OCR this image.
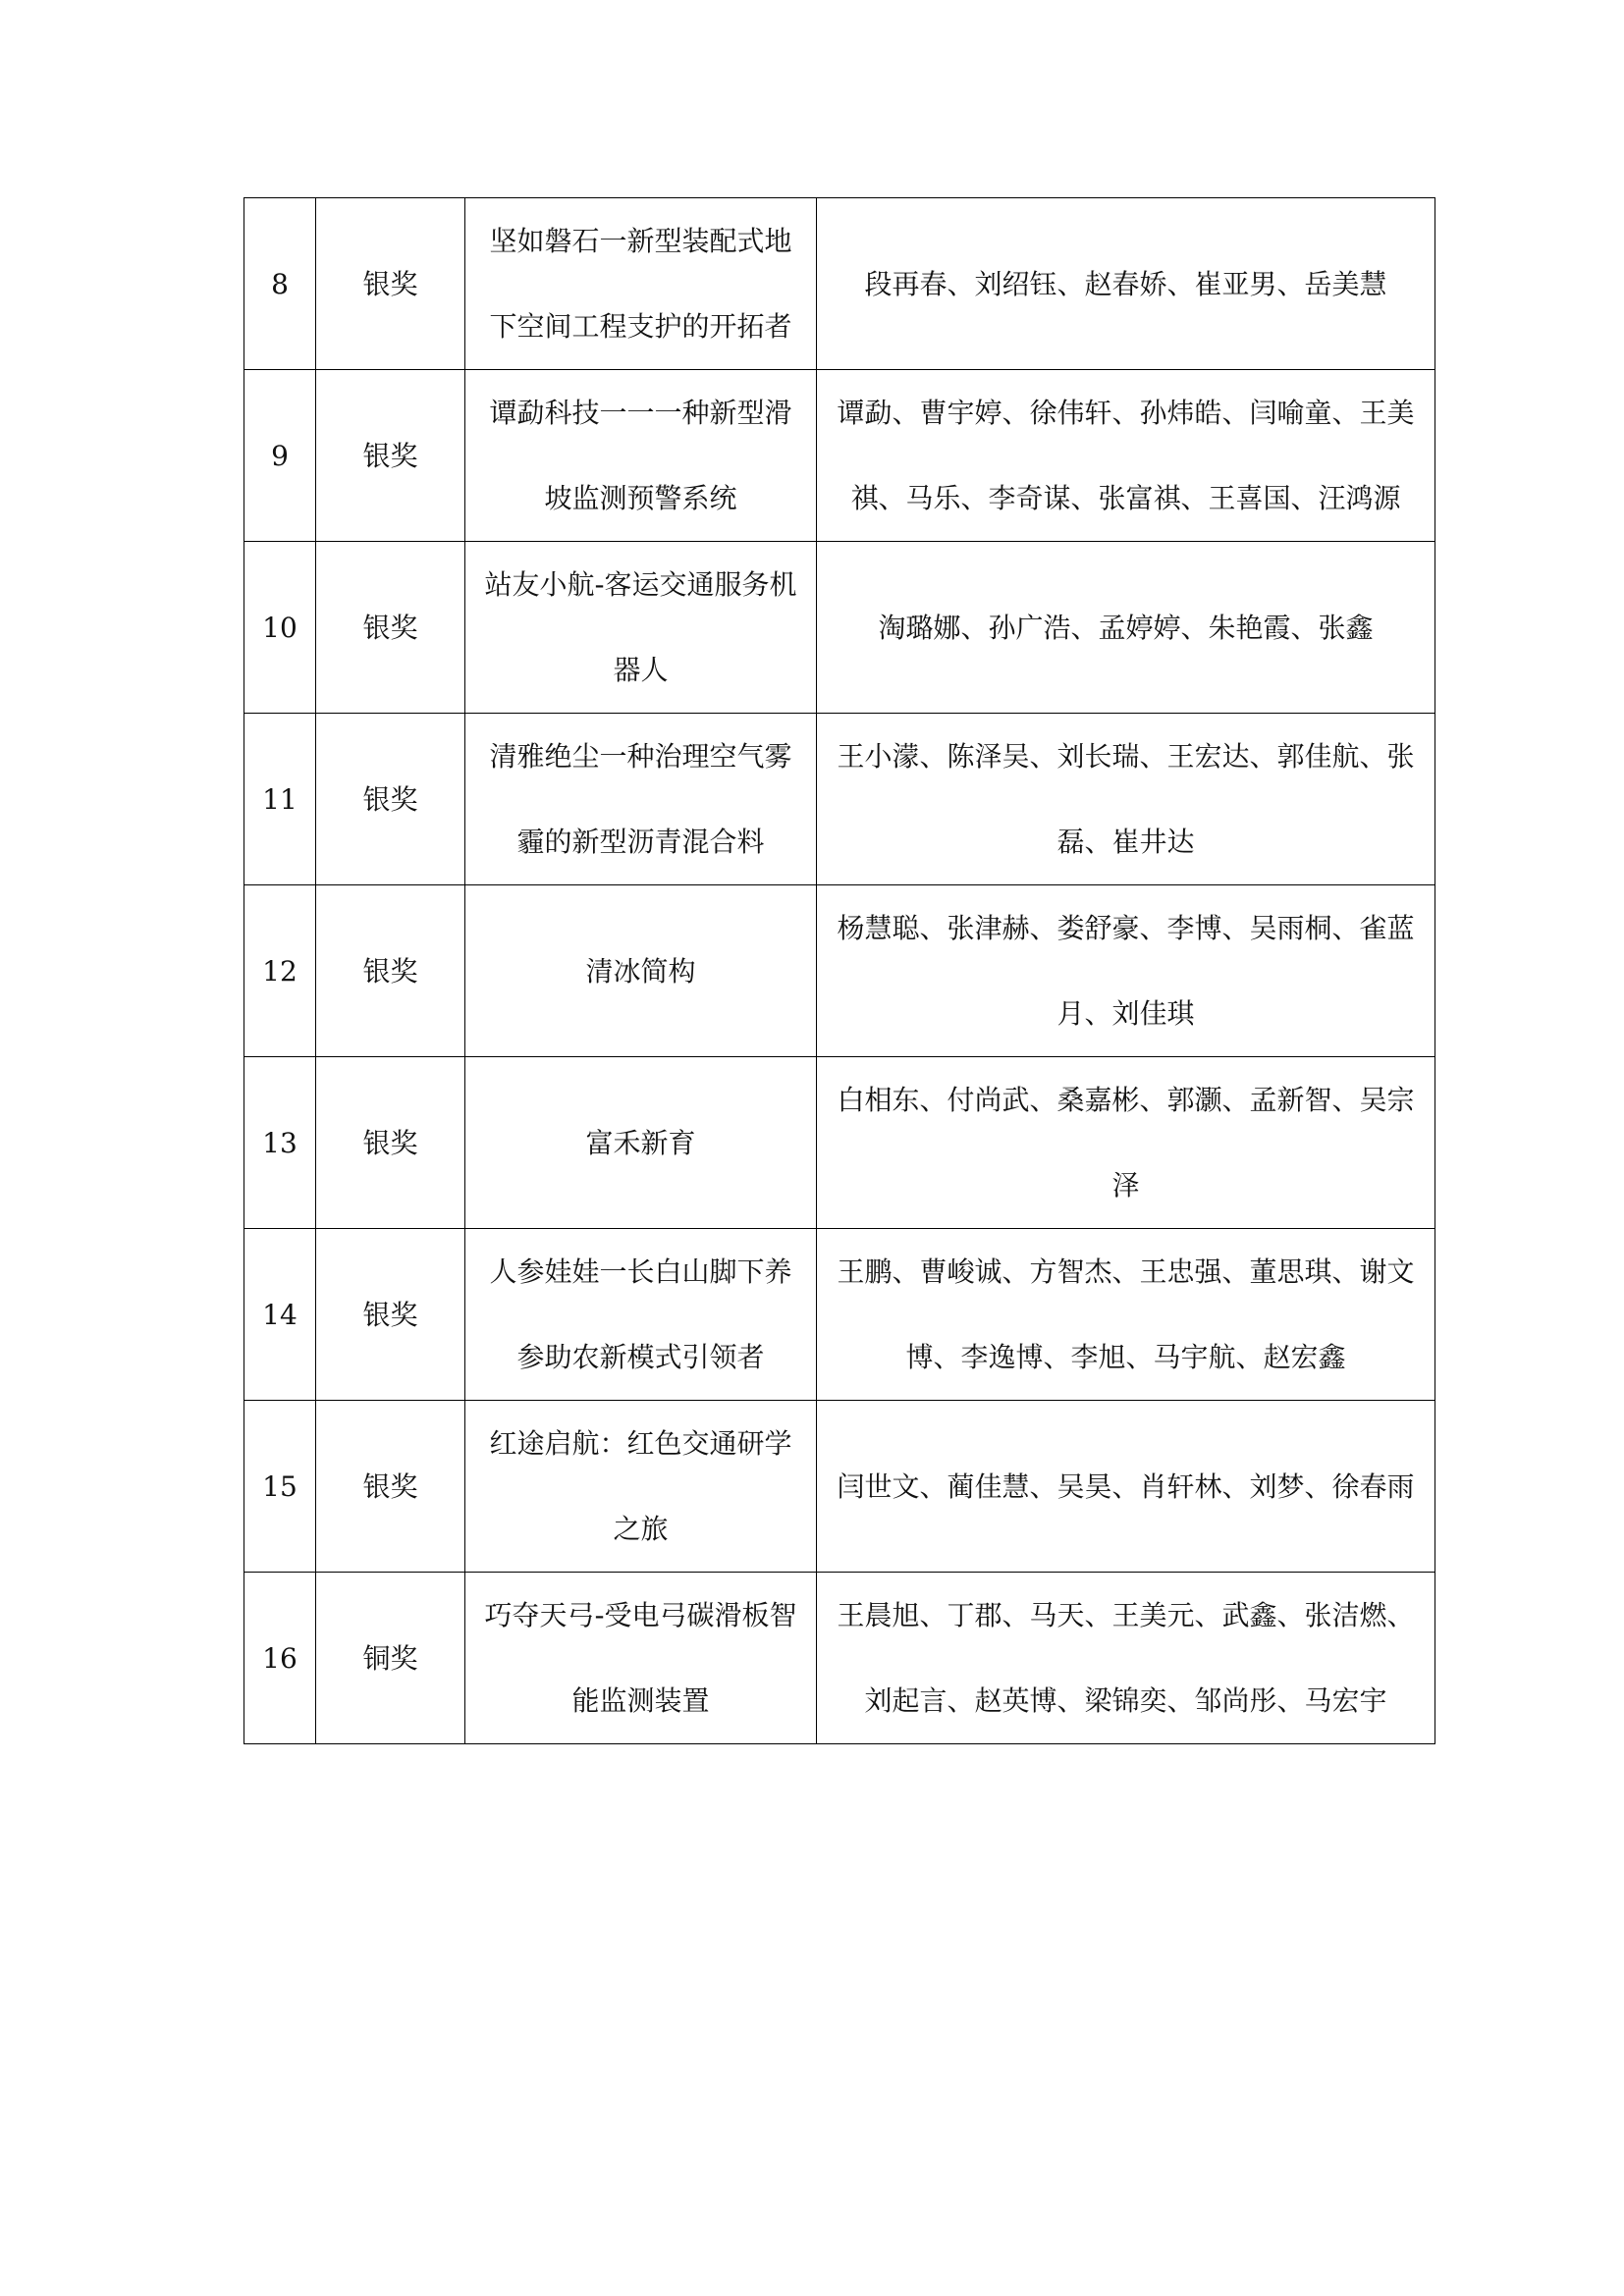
8	银奖	坚如磐石一新型装配式地下空间工程支护的开拓者	段再春、刘绍钰、赵春娇、崔亚男、岳美慧
9	银奖	谭勐科技一一一种新型滑坡监测预警系统	谭勐、曹宇婷、徐伟轩、孙炜皓、闫喻童、王美祺、马乐、李奇谋、张富祺、王喜国、汪鸿源
10	银奖	站友小航-客运交通服务机器人	淘璐娜、孙广浩、孟婷婷、朱艳霞、张鑫
11	银奖	清雅绝尘一种治理空气雾霾的新型沥青混合料	王小濛、陈泽吴、刘长瑞、王宏达、郭佳航、张磊、崔井达
12	银奖	清冰简构	杨慧聪、张津赫、娄舒豪、李博、吴雨桐、雀蓝月、刘佳琪
13	银奖	富禾新育	白相东、付尚武、桑嘉彬、郭灏、孟新智、吴宗泽
14	银奖	人参娃娃一长白山脚下养参助农新模式引领者	王鹏、曹峻诚、方智杰、王忠强、董思琪、谢文博、李逸博、李旭、马宇航、赵宏鑫
15	银奖	红途启航：红色交通研学之旅	闫世文、蔺佳慧、吴昊、肖轩林、刘梦、徐春雨
16	铜奖	巧夺天弓-受电弓碳滑板智能监测装置	王晨旭、丁郡、马天、王美元、武鑫、张洁燃、刘起言、赵英博、梁锦奕、邹尚彤、马宏宇
